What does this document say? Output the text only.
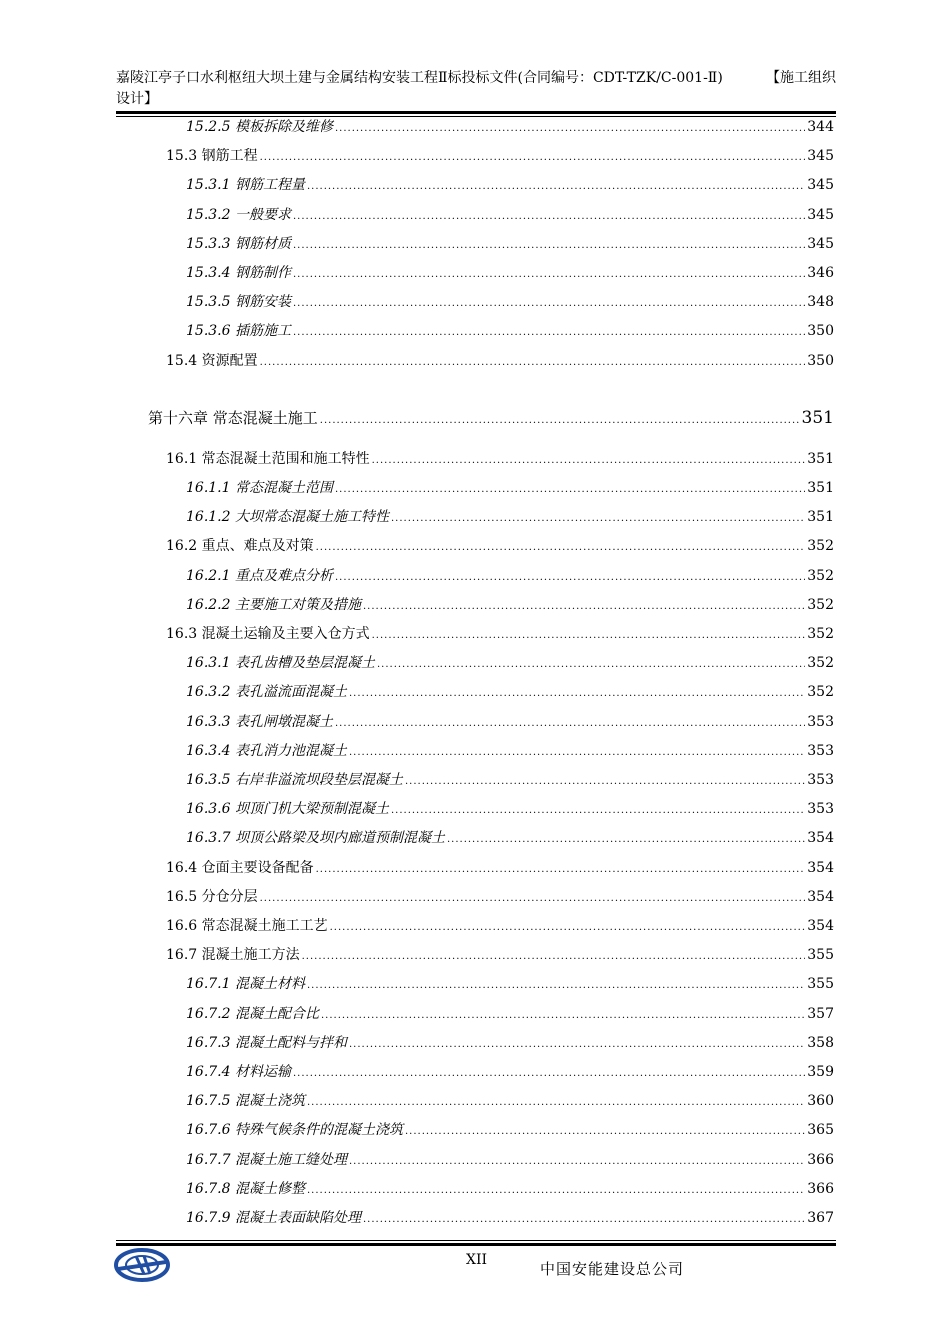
嘉陵江亭子口水利枢纽大坝土建与金属结构安装工程Ⅱ标投标文件(合同编号：CDT-TZK/C-001-Ⅱ)	【施工组织

设计】
15.2.5 模板拆除及维修 .....	344
15.3 钢筋工程 .....	345
15.3.1 钢筋工程量 .....	345
15.3.2 一般要求 .....	345
15.3.3 钢筋材质 .....	345
15.3.4 钢筋制作 .....	346
15.3.5 钢筋安装 .....	348
15.3.6 插筋施工 .....	350
15.4 资源配置 .....	350
第十六章 常态混凝土施工 .....	351
16.1 常态混凝土范围和施工特性 .....	351
16.1.1 常态混凝土范围 .....	351
16.1.2 大坝常态混凝土施工特性 .....	351
16.2 重点、难点及对策 .....	352
16.2.1 重点及难点分析 .....	352
16.2.2 主要施工对策及措施 .....	352
16.3 混凝土运输及主要入仓方式 .....	352
16.3.1 表孔齿槽及垫层混凝土 .....	352
16.3.2 表孔溢流面混凝土 .....	352
16.3.3 表孔闸墩混凝土 .....	353
16.3.4 表孔消力池混凝土 .....	353
16.3.5 右岸非溢流坝段垫层混凝土 .....	353
16.3.6 坝顶门机大梁预制混凝土 .....	353
16.3.7 坝顶公路梁及坝内廊道预制混凝土 .....	354
16.4 仓面主要设备配备 .....	354
16.5 分仓分层 .....	354
16.6 常态混凝土施工工艺 .....	354
16.7 混凝土施工方法 .....	355
16.7.1 混凝土材料 .....	355
16.7.2 混凝土配合比 .....	357
16.7.3 混凝土配料与拌和 .....	358
16.7.4 材料运输 .....	359
16.7.5 混凝土浇筑 .....	360
16.7.6 特殊气候条件的混凝土浇筑 .....	365
16.7.7 混凝土施工缝处理 .....	366
16.7.8 混凝土修整 .....	366
16.7.9 混凝土表面缺陷处理 .....	367
XII	中国安能建设总公司
